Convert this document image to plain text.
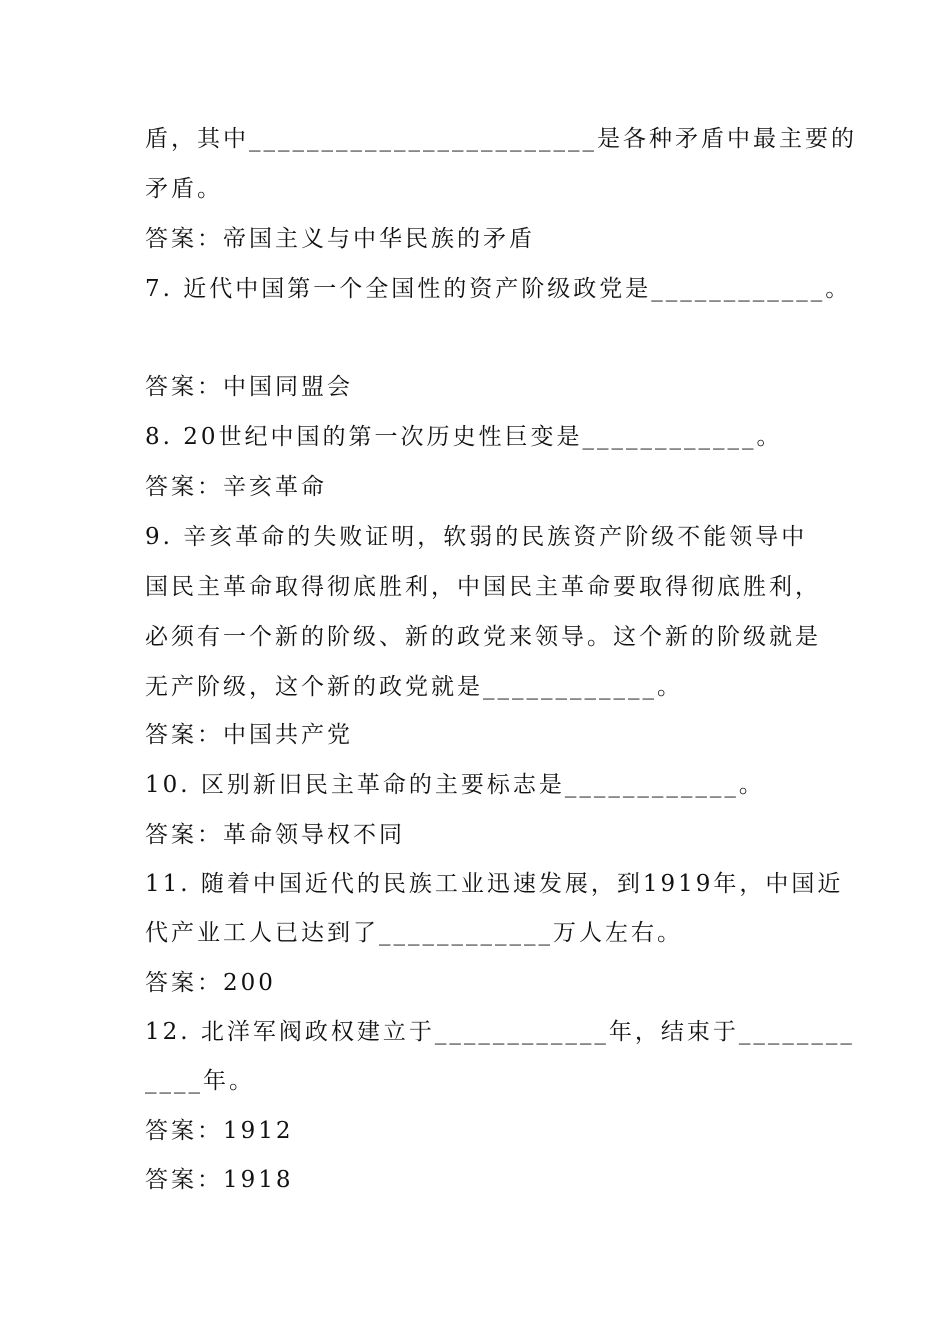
盾，其中________________________是各种矛盾中最主要的
矛盾。
答案：帝国主义与中华民族的矛盾
7. 近代中国第一个全国性的资产阶级政党是____________。
答案：中国同盟会
8. 20世纪中国的第一次历史性巨变是____________。
答案：辛亥革命
9. 辛亥革命的失败证明，软弱的民族资产阶级不能领导中
国民主革命取得彻底胜利，中国民主革命要取得彻底胜利，
必须有一个新的阶级、新的政党来领导。这个新的阶级就是
无产阶级，这个新的政党就是____________。
答案：中国共产党
10. 区别新旧民主革命的主要标志是____________。
答案：革命领导权不同
11. 随着中国近代的民族工业迅速发展，到1919年，中国近
代产业工人已达到了____________万人左右。
答案：200
12. 北洋军阀政权建立于____________年，结束于________
____年。
答案：1912
答案：1918
